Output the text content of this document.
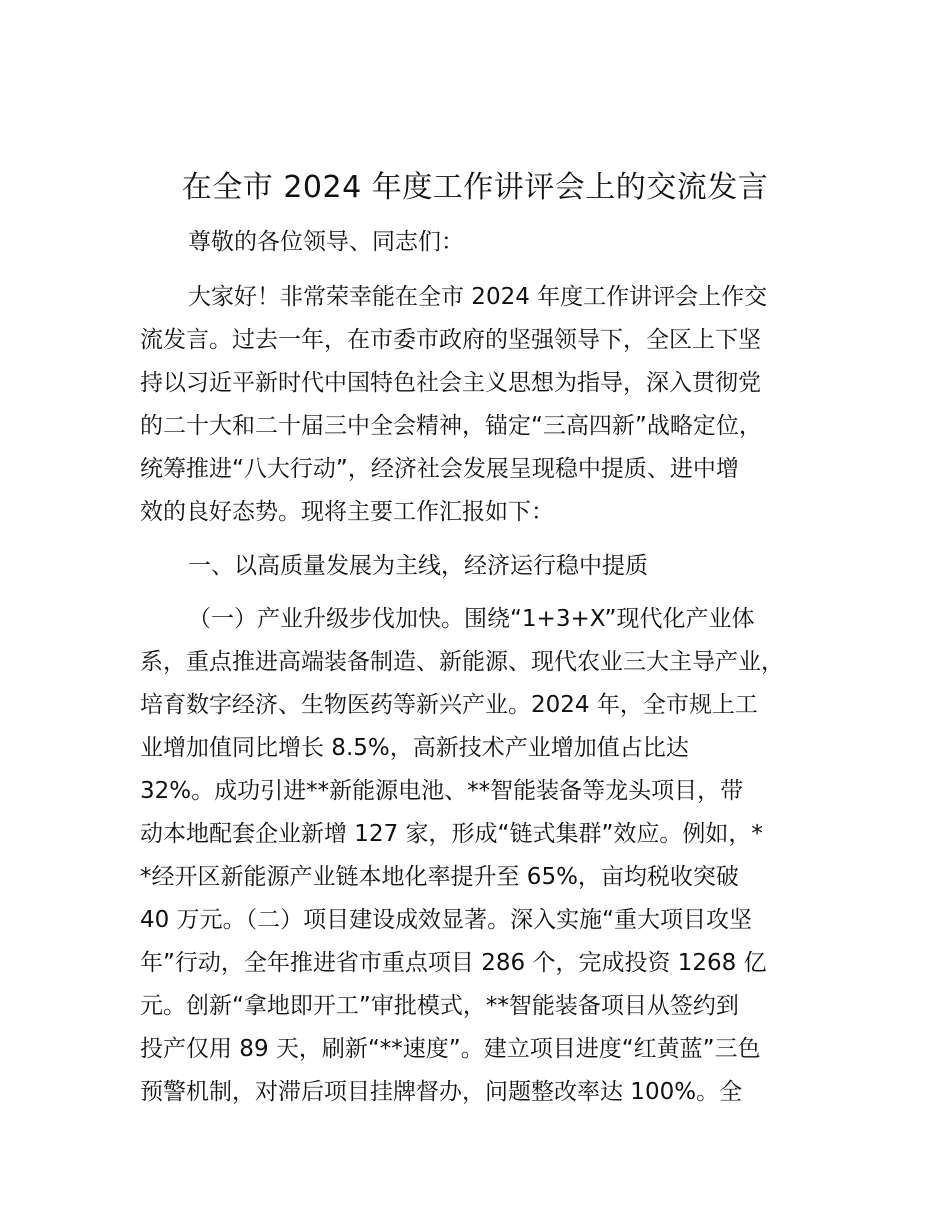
在全市 2024 年度工作讲评会上的交流发言
尊敬的各位领导、同志们：
大家好！非常荣幸能在全市 2024 年度工作讲评会上作交
流发言。过去一年，在市委市政府的坚强领导下，全区上下坚
持以习近平新时代中国特色社会主义思想为指导，深入贯彻党
的二十大和二十届三中全会精神，锚定“三高四新”战略定位，
统筹推进“八大行动”，经济社会发展呈现稳中提质、进中增
效的良好态势。现将主要工作汇报如下：
一、以高质量发展为主线，经济运行稳中提质
（一）产业升级步伐加快。围绕“1+3+X”现代化产业体
系，重点推进高端装备制造、新能源、现代农业三大主导产业，
培育数字经济、生物医药等新兴产业。2024 年，全市规上工
业增加值同比增长 8.5%，高新技术产业增加值占比达
32%。成功引进**新能源电池、**智能装备等龙头项目，带
动本地配套企业新增 127 家，形成“链式集群”效应。例如，*
*经开区新能源产业链本地化率提升至 65%，亩均税收突破
40 万元。（二）项目建设成效显著。深入实施“重大项目攻坚
年”行动，全年推进省市重点项目 286 个，完成投资 1268 亿
元。创新“拿地即开工”审批模式，**智能装备项目从签约到
投产仅用 89 天，刷新“**速度”。建立项目进度“红黄蓝”三色
预警机制，对滞后项目挂牌督办，问题整改率达 100%。全
